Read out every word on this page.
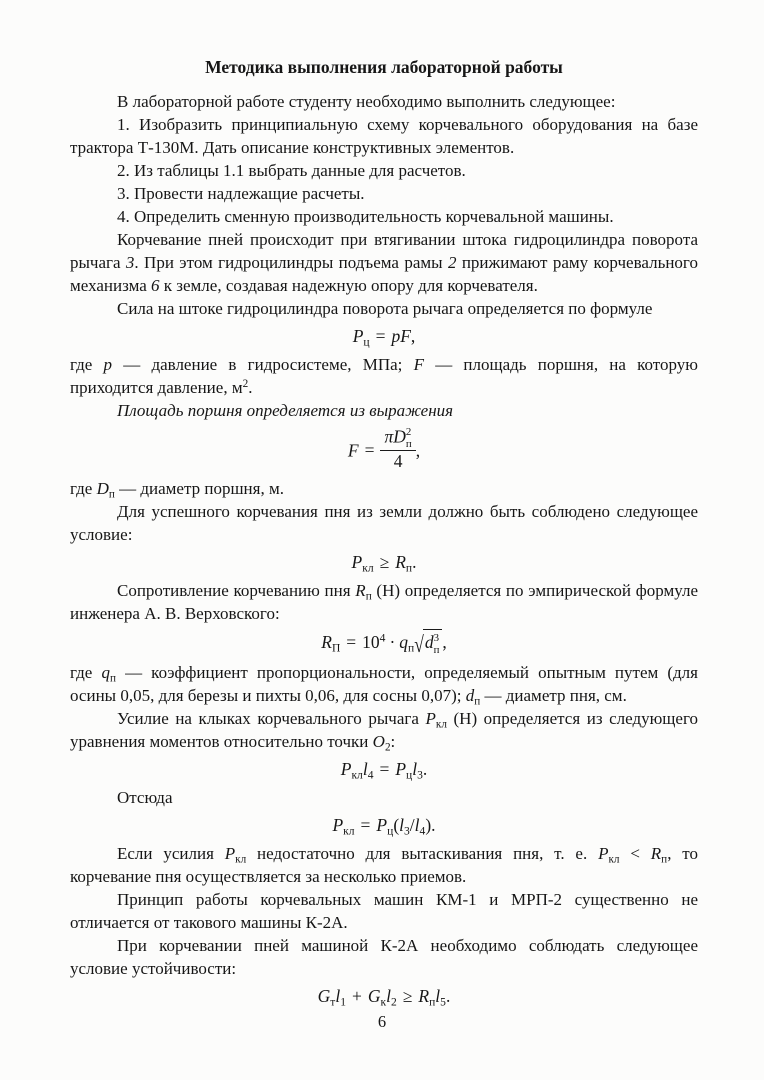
Методика выполнения лабораторной работы

В лабораторной работе студенту необходимо выполнить следующее:

1. Изобразить принципиальную схему корчевального оборудования на базе трактора Т-130М. Дать описание конструктивных элементов.

2. Из таблицы 1.1 выбрать данные для расчетов.

3. Провести надлежащие расчеты.

4. Определить сменную производительность корчевальной машины.

Корчевание пней происходит при втягивании штока гидроцилиндра поворота рычага 3. При этом гидроцилиндры подъема рамы 2 прижимают раму корчевального механизма 6 к земле, создавая надежную опору для корчевателя.

Сила на штоке гидроцилиндра поворота рычага определяется по формуле

$P_ц$ = pF,

где p — давление в гидросистеме, МПа; F — площадь поршня, на которую приходится давление, $м^2$.

Площадь поршня определяется из выражения

F = πD 2
п
4 ,

где $D_п$ — диаметр поршня, м.

Для успешного корчевания пня из земли должно быть соблюдено следующее условие:

$P_{кл} \ge R_п$.

Сопротивление корчеванию пня $R_п$ (Н) определяется по эмпирической формуле инженера А. В. Верховского:

$R_П = 10^4 \cdot q_п√d$ 3
п ,

где $q_п$ — коэффициент пропорциональности, определяемый опытным путем (для осины 0,05, для березы и пихты 0,06, для сосны 0,07); $d_п$ — диаметр пня, см.

Усилие на клыках корчевального рычага $P_{кл}$ (Н) определяется из следующего уравнения моментов относительно точки $O_2$:

$P_{кл}l_4 = P_цl_3$.

Отсюда

$P_{кл} = P_ц(l_3/l_4)$.

Если усилия $P_{кл}$ недостаточно для вытаскивания пня, т. е. $P_{кл} < R_п$, то корчевание пня осуществляется за несколько приемов.

Принцип работы корчевальных машин КМ-1 и МРП-2 существенно не отличается от такового машины К-2А.

При корчевании пней машиной К-2А необходимо соблюдать следующее условие устойчивости:

$G_тl_1 + G_кl_2 \ge R_пl_5$.
6
